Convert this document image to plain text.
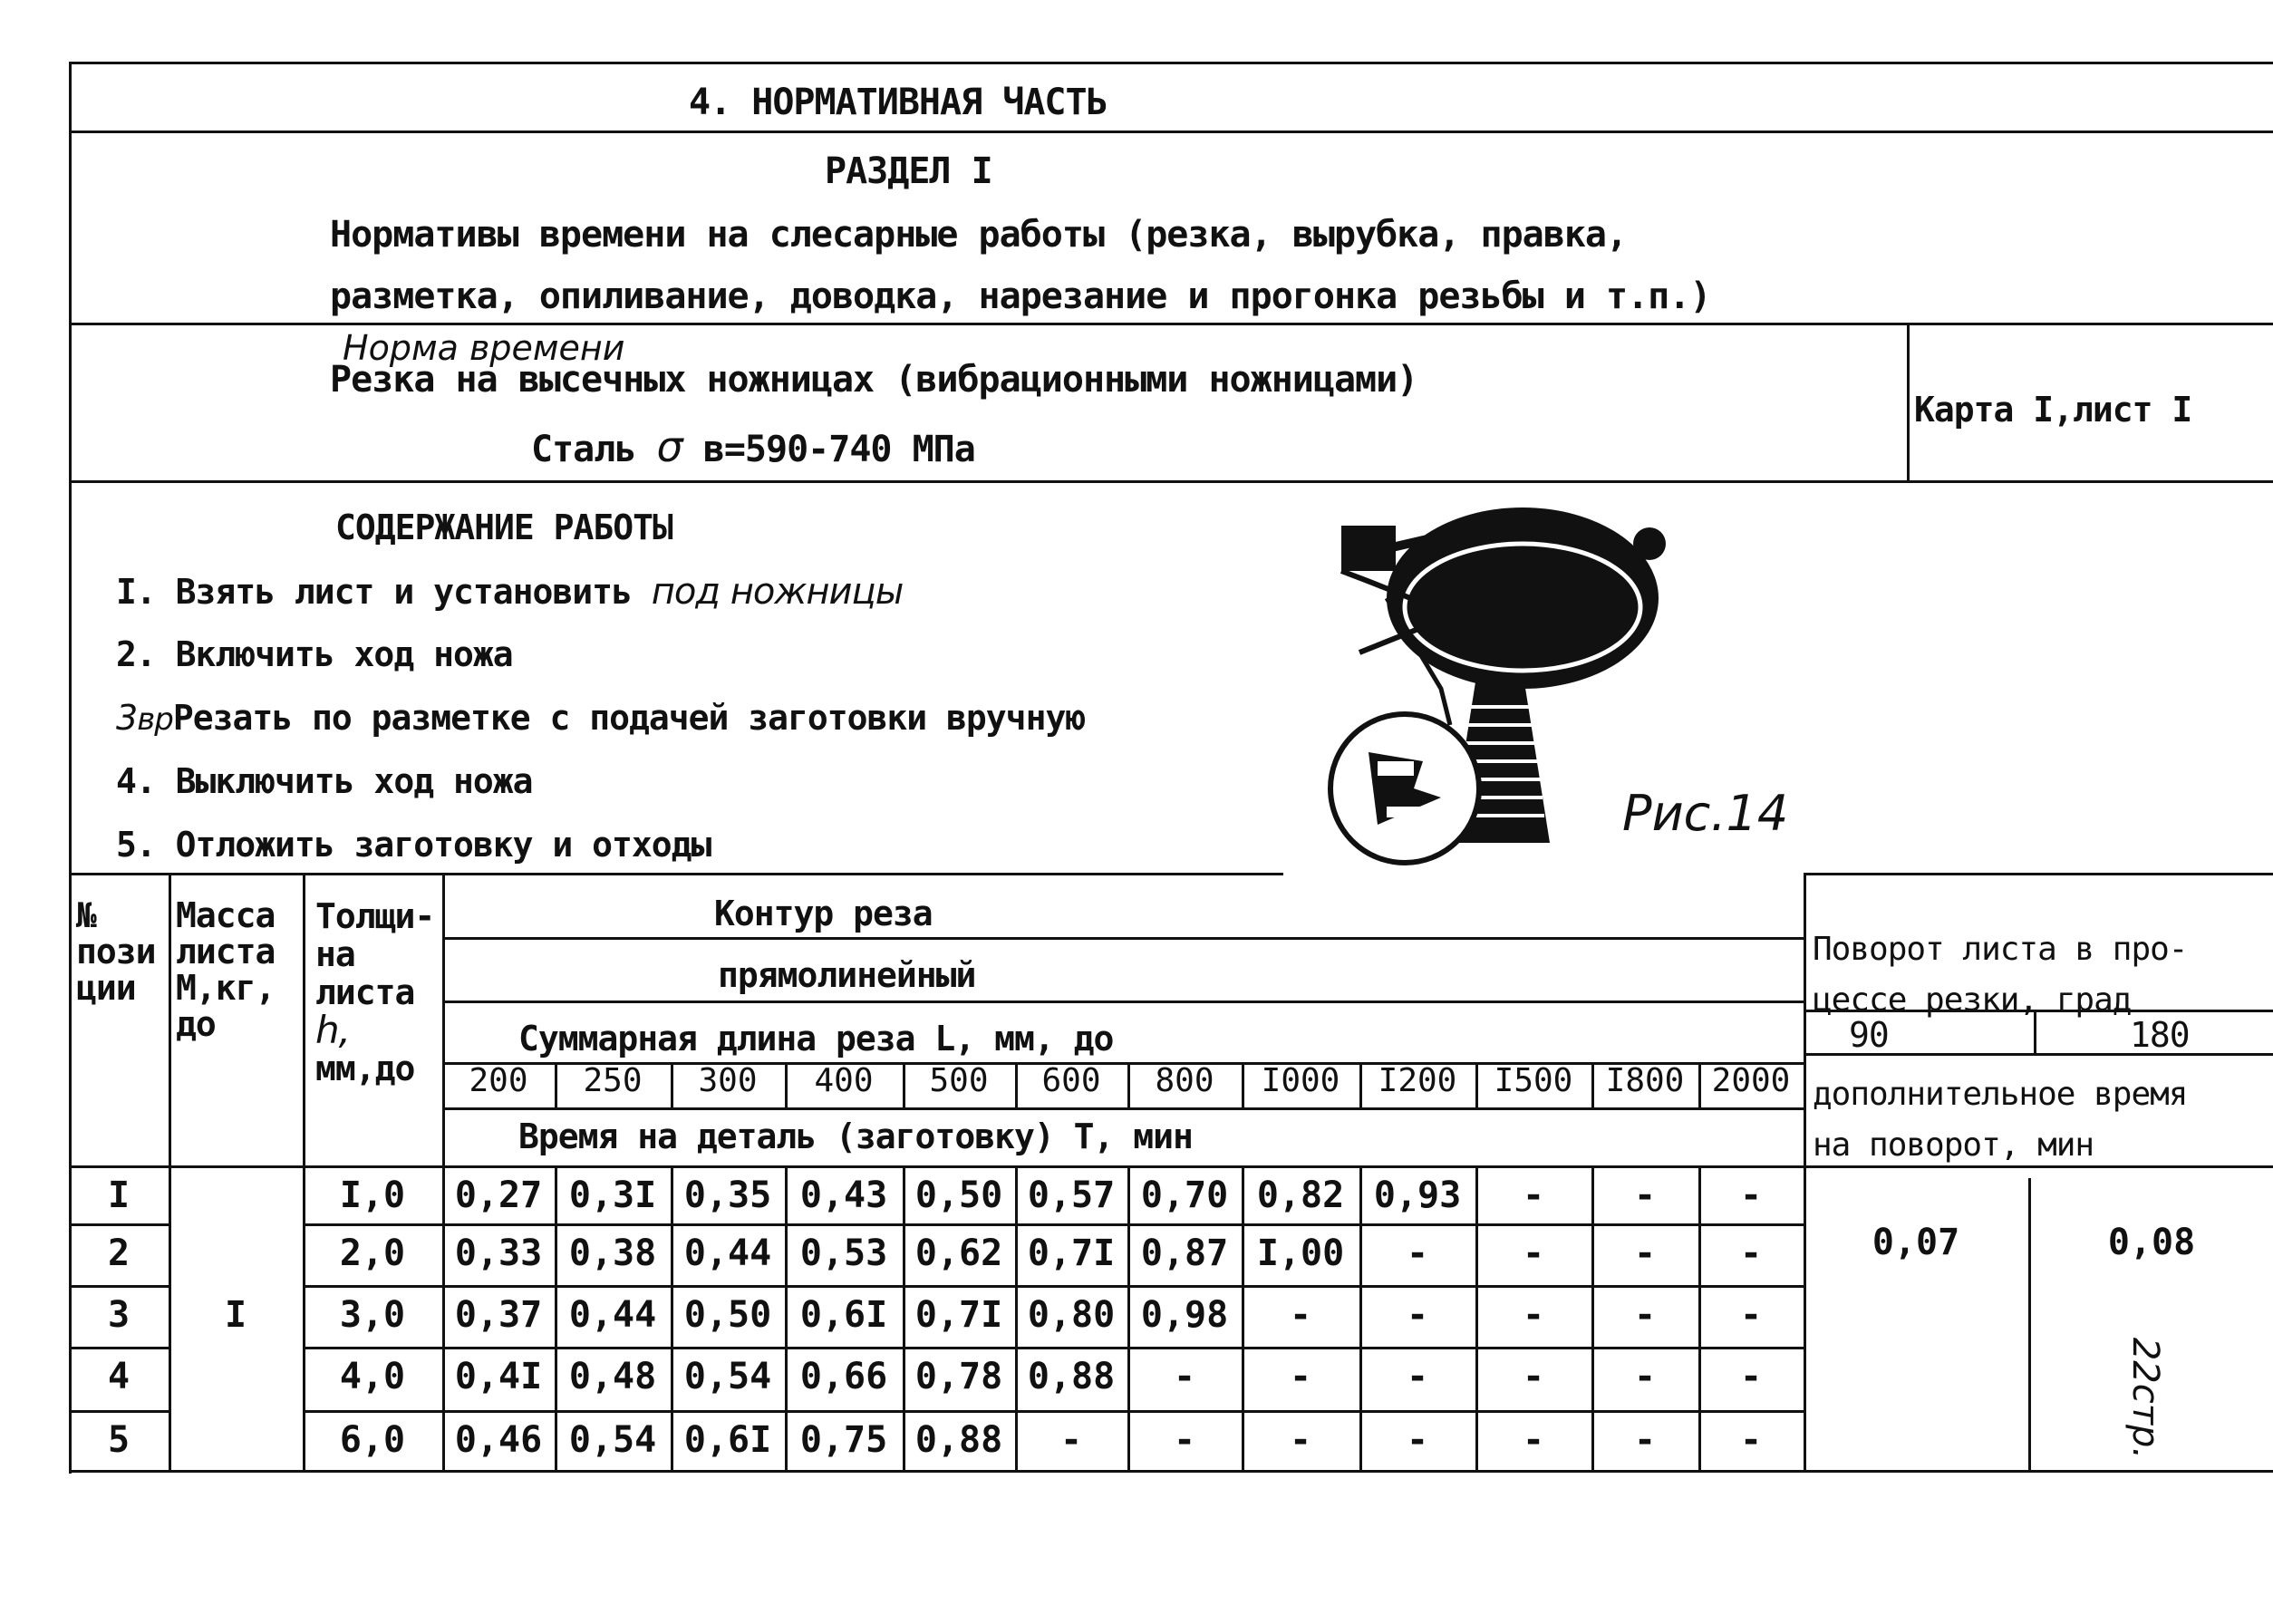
4. НОРМАТИВНАЯ ЧАСТЬ
РАЗДЕЛ I
Нормативы времени на слесарные работы (резка, вырубка, правка,
разметка, опиливание, доводка, нарезание и прогонка резьбы и т.п.)
Норма времени
Резка на высечных ножницах (вибрационными ножницами)
Сталь σ в=590-740 МПа
Карта I,лист I
СОДЕРЖАНИЕ РАБОТЫ
I. Взять лист и установить под ножницы
2. Включить ход ножа
3врРезать по разметке с подачей заготовки вручную
4. Выключить ход ножа
5. Отложить заготовку и отходы
Рис.14
№
пози
ции
Масса
листа
М,кг,
до
Толщи-
на
листа
h,
мм,до
Контур реза
прямолинейный
Суммарная длина реза L, мм, до
Время на деталь (заготовку) Т, мин
Поворот листа в про-
цессе резки, град
90	180
дополнительное время
на поворот, мин
200	250	300	400	500	600	800	I000	I200	I500	I800 2000
I	I,0	0,27 0,3I 0,35 0,43 0,50 0,57 0,70 0,82 0,93	-	-	-
2	2,0	0,33 0,38 0,44 0,53 0,62 0,7I 0,87 I,00	-	-	-	-
3	3,0	0,37 0,44 0,50 0,6I 0,7I 0,80 0,98	-	-	-	-	-
4	4,0	0,4I 0,48 0,54 0,66 0,78 0,88	-	-	-	-	-	-
5	6,0	0,46 0,54 0,6I 0,75 0,88	-	-	-	-	-	-	-
I
0,07	0,08
22стр.
